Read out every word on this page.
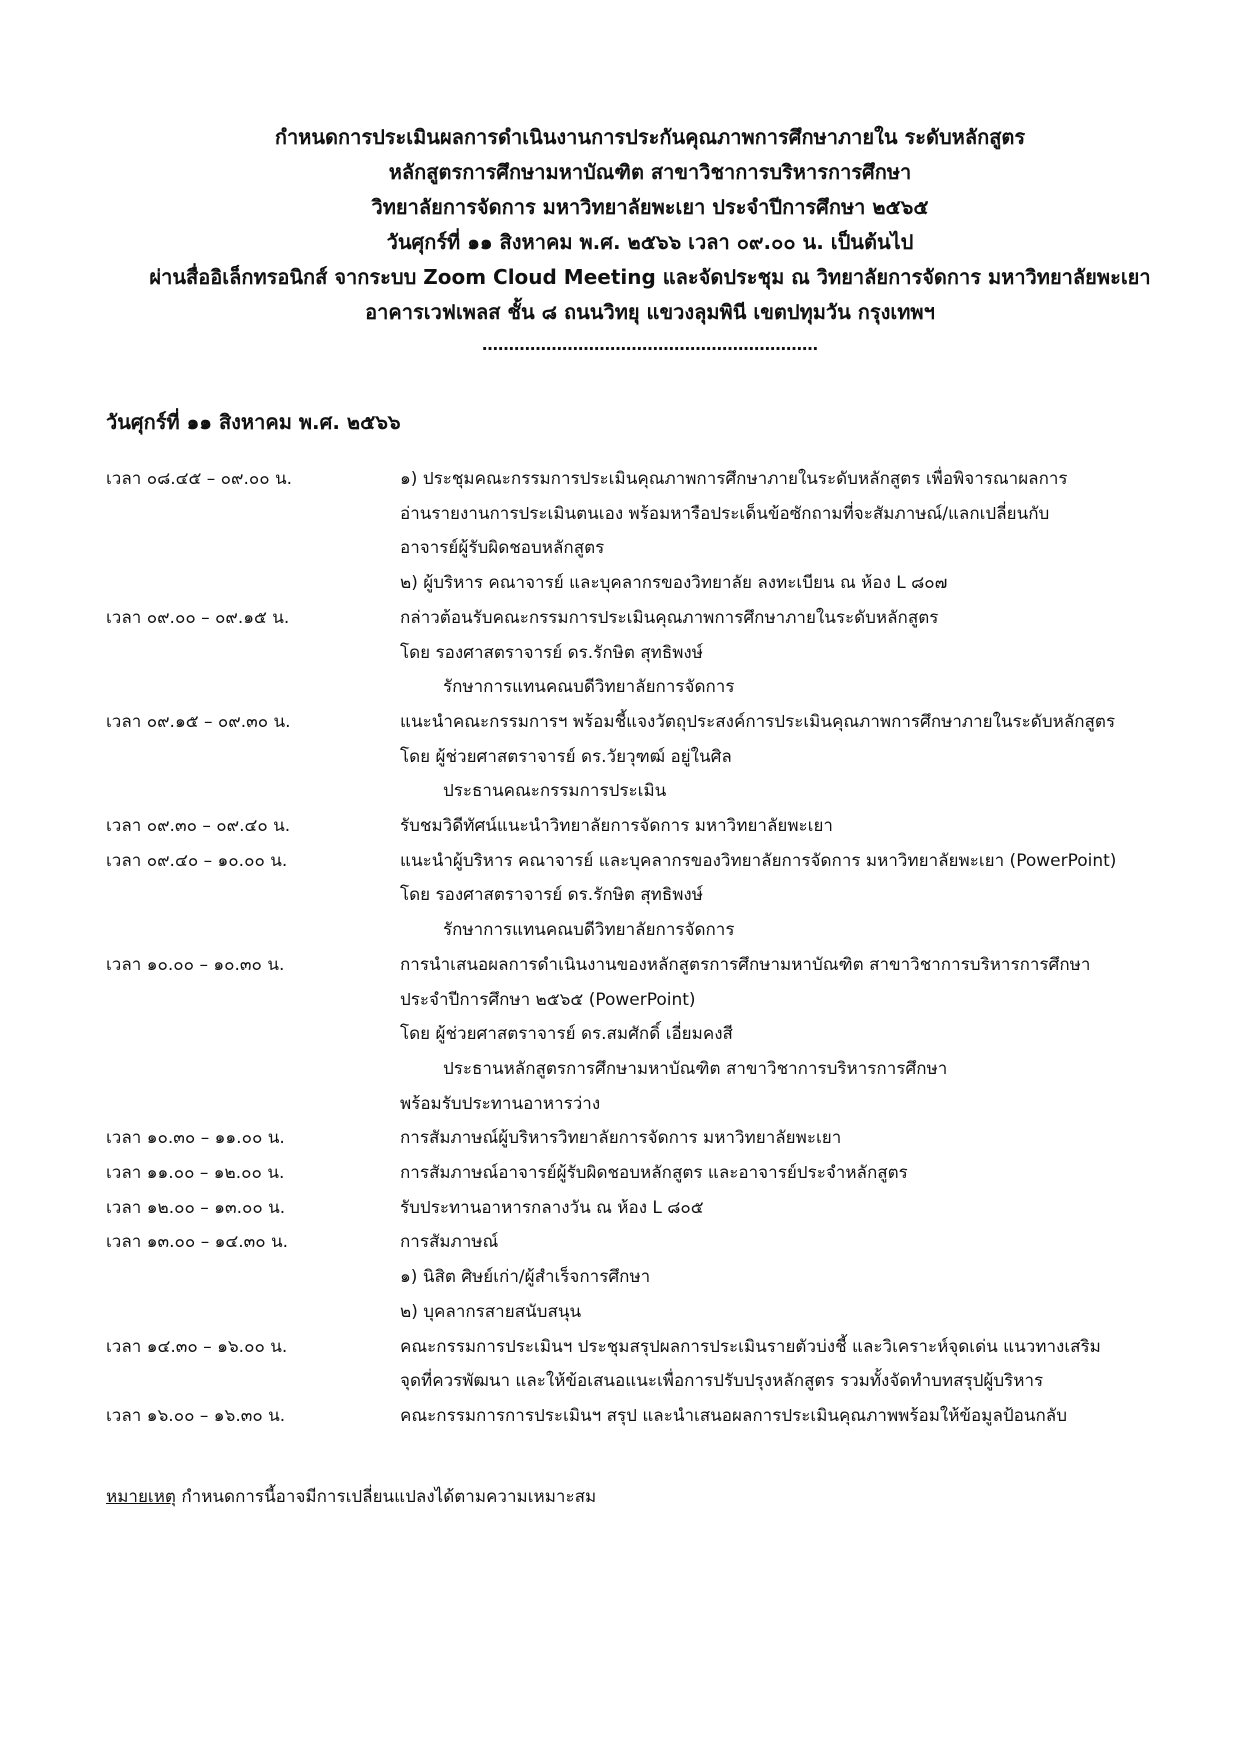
กำหนดการประเมินผลการดำเนินงานการประกันคุณภาพการศึกษาภายใน ระดับหลักสูตร
หลักสูตรการศึกษามหาบัณฑิต สาขาวิชาการบริหารการศึกษา
วิทยาลัยการจัดการ มหาวิทยาลัยพะเยา ประจำปีการศึกษา ๒๕๖๕
วันศุกร์ที่ ๑๑ สิงหาคม พ.ศ. ๒๕๖๖ เวลา ๐๙.๐๐ น. เป็นต้นไป
ผ่านสื่ออิเล็กทรอนิกส์ จากระบบ Zoom Cloud Meeting และจัดประชุม ณ วิทยาลัยการจัดการ มหาวิทยาลัยพะเยา
อาคารเวฟเพลส ชั้น ๘ ถนนวิทยุ แขวงลุมพินี เขตปทุมวัน กรุงเทพฯ
………………………………………………………
วันศุกร์ที่ ๑๑ สิงหาคม พ.ศ. ๒๕๖๖
เวลา ๐๘.๔๕ – ๐๙.๐๐ น.	๑) ประชุมคณะกรรมการประเมินคุณภาพการศึกษาภายในระดับหลักสูตร เพื่อพิจารณาผลการ
อ่านรายงานการประเมินตนเอง พร้อมหารือประเด็นข้อซักถามที่จะสัมภาษณ์/แลกเปลี่ยนกับ
อาจารย์ผู้รับผิดชอบหลักสูตร
๒) ผู้บริหาร คณาจารย์ และบุคลากรของวิทยาลัย ลงทะเบียน ณ ห้อง L ๘๐๗
เวลา ๐๙.๐๐ – ๐๙.๑๕ น.	กล่าวต้อนรับคณะกรรมการประเมินคุณภาพการศึกษาภายในระดับหลักสูตร
โดย รองศาสตราจารย์ ดร.รักษิต สุทธิพงษ์
รักษาการแทนคณบดีวิทยาลัยการจัดการ
เวลา ๐๙.๑๕ – ๐๙.๓๐ น.	แนะนำคณะกรรมการฯ พร้อมชี้แจงวัตถุประสงค์การประเมินคุณภาพการศึกษาภายในระดับหลักสูตร
โดย ผู้ช่วยศาสตราจารย์ ดร.วัยวุฑฒ์ อยู่ในศิล
ประธานคณะกรรมการประเมิน
เวลา ๐๙.๓๐ – ๐๙.๔๐ น.	รับชมวิดีทัศน์แนะนำวิทยาลัยการจัดการ มหาวิทยาลัยพะเยา
เวลา ๐๙.๔๐ – ๑๐.๐๐ น.	แนะนำผู้บริหาร คณาจารย์ และบุคลากรของวิทยาลัยการจัดการ มหาวิทยาลัยพะเยา (PowerPoint)
โดย รองศาสตราจารย์ ดร.รักษิต สุทธิพงษ์
รักษาการแทนคณบดีวิทยาลัยการจัดการ
เวลา ๑๐.๐๐ – ๑๐.๓๐ น.	การนำเสนอผลการดำเนินงานของหลักสูตรการศึกษามหาบัณฑิต สาขาวิชาการบริหารการศึกษา
ประจำปีการศึกษา ๒๕๖๕ (PowerPoint)
โดย ผู้ช่วยศาสตราจารย์ ดร.สมศักดิ์ เอี่ยมคงสี
ประธานหลักสูตรการศึกษามหาบัณฑิต สาขาวิชาการบริหารการศึกษา
พร้อมรับประทานอาหารว่าง
เวลา ๑๐.๓๐ – ๑๑.๐๐ น.	การสัมภาษณ์ผู้บริหารวิทยาลัยการจัดการ มหาวิทยาลัยพะเยา
เวลา ๑๑.๐๐ – ๑๒.๐๐ น.	การสัมภาษณ์อาจารย์ผู้รับผิดชอบหลักสูตร และอาจารย์ประจำหลักสูตร
เวลา ๑๒.๐๐ – ๑๓.๐๐ น.	รับประทานอาหารกลางวัน ณ ห้อง L ๘๐๕
เวลา ๑๓.๐๐ – ๑๔.๓๐ น.	การสัมภาษณ์
๑) นิสิต ศิษย์เก่า/ผู้สำเร็จการศึกษา
๒) บุคลากรสายสนับสนุน
เวลา ๑๔.๓๐ – ๑๖.๐๐ น.	คณะกรรมการประเมินฯ ประชุมสรุปผลการประเมินรายตัวบ่งชี้ และวิเคราะห์จุดเด่น แนวทางเสริม
จุดที่ควรพัฒนา และให้ข้อเสนอแนะเพื่อการปรับปรุงหลักสูตร รวมทั้งจัดทำบทสรุปผู้บริหาร
เวลา ๑๖.๐๐ – ๑๖.๓๐ น.	คณะกรรมการการประเมินฯ สรุป และนำเสนอผลการประเมินคุณภาพพร้อมให้ข้อมูลป้อนกลับ
หมายเหตุ กำหนดการนี้อาจมีการเปลี่ยนแปลงได้ตามความเหมาะสม
